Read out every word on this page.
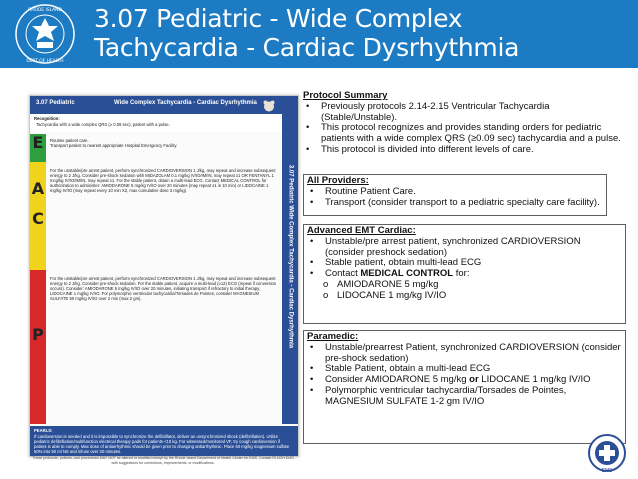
RHODE ISLAND
DEPT OF HEALTH
3.07 Pediatric - Wide Complex
Tachycardia - Cardiac Dysrhythmia
3.07 Pediatric	Wide Complex Tachycardia - Cardiac Dysrhythmia
Recognition:
Tachycardia with a wide complex QRS (≥ 0.09 sec), patient with a pulse.
E
A
C
P
Routine patient care.
Transport patient to nearest appropriate Hospital Emergency Facility.
For the unstable/pre arrest patient, perform synchronized CARDIOVERSION 1 J/kg, may repeat and increase subsequent energy to 2 J/kg. Consider pre-shock sedation with MIDAZOLAM 0.1 mg/kg IV/IO/IM/IN, may repeat x1 OR FENTANYL 1 mcg/kg IV/IO/IM/IN, may repeat x1. For the stable patient, obtain a multi-lead ECG. Contact MEDICAL CONTROL for authorization to administer: AMIODARONE 5 mg/kg IV/IO over 20 minutes (may repeat x1 in 10 min) or LIDOCAINE 1 mg/kg IV/IO (may repeat every 10 min X2, max cumulative dose 3 mg/kg).
For the unstable/pre arrest patient, perform synchronized CARDIOVERSION 1 J/kg, may repeat and increase subsequent energy to 2 J/kg. Consider pre-shock sedation. For the stable patient, acquire a multi-lead (≥12) ECG (repeat if conversion occurs). Consider: AMIODARONE 5 mg/kg IV/IO over 20 minutes, initiating transport if refractory to initial therapy, LIDOCAINE 1 mg/kg IV/IO. For polymorphic ventricular tachycardia/Torsades de Pointes, consider MAGNESIUM SULFATE 50 mg/kg IV/IO over 2 min (max 2 gm).	3.07 Pediatric Wide Complex Tachycardia - Cardiac Dysrhythmia
PEARLS:
If cardioversion is needed and it is impossible to synchronize the defibrillator, deliver an unsynchronized shock (defibrillation). Utilize pediatric defibrillation/multifunction electrical therapy pads for patients <10 kg. For witnessed/monitored VF, try cough cardioversion if patient is able to comply. Max dose of antiarrhythmic should be given prior to changing antiarrhythmic. Place 50 mg/kg magnesium sulfate 50% into 50 ml NS and infuse over 20 minutes.
These protocols, policies, and procedures MAY NOT be altered or modified except by the Rhode Island Department of Health Center for EMS. Contact RI DOH EMS with suggestions for corrections, improvements, or modifications.
Protocol Summary
• Previously protocols 2.14-2.15 Ventricular Tachycardia (Stable/Unstable).
• This protocol recognizes and provides standing orders for pediatric patients with a wide complex QRS (≥0.09 sec) tachycardia and a pulse.
• This protocol is divided into different levels of care.
All Providers:
• Routine Patient Care.
• Transport (consider transport to a pediatric specialty care facility).
Advanced EMT Cardiac:
• Unstable/pre arrest patient, synchronized CARDIOVERSION (consider preshock sedation)
• Stable patient, obtain multi-lead ECG
• Contact MEDICAL CONTROL for:
o AMIODARONE 5 mg/kg
o LIDOCANE 1 mg/kg IV/IO
Paramedic:
• Unstable/prearrest Patient, synchronized CARDIOVERSION (consider pre-shock sedation)
• Stable Patient, obtain a multi-lead ECG
• Consider AMIODARONE 5 mg/kg or LIDOCANE 1 mg/kg IV/IO
• Polymorphic ventricular tachycardia/Torsades de Pointes, MAGNESIUM SULFATE 1-2 gm IV/IO
EMS
